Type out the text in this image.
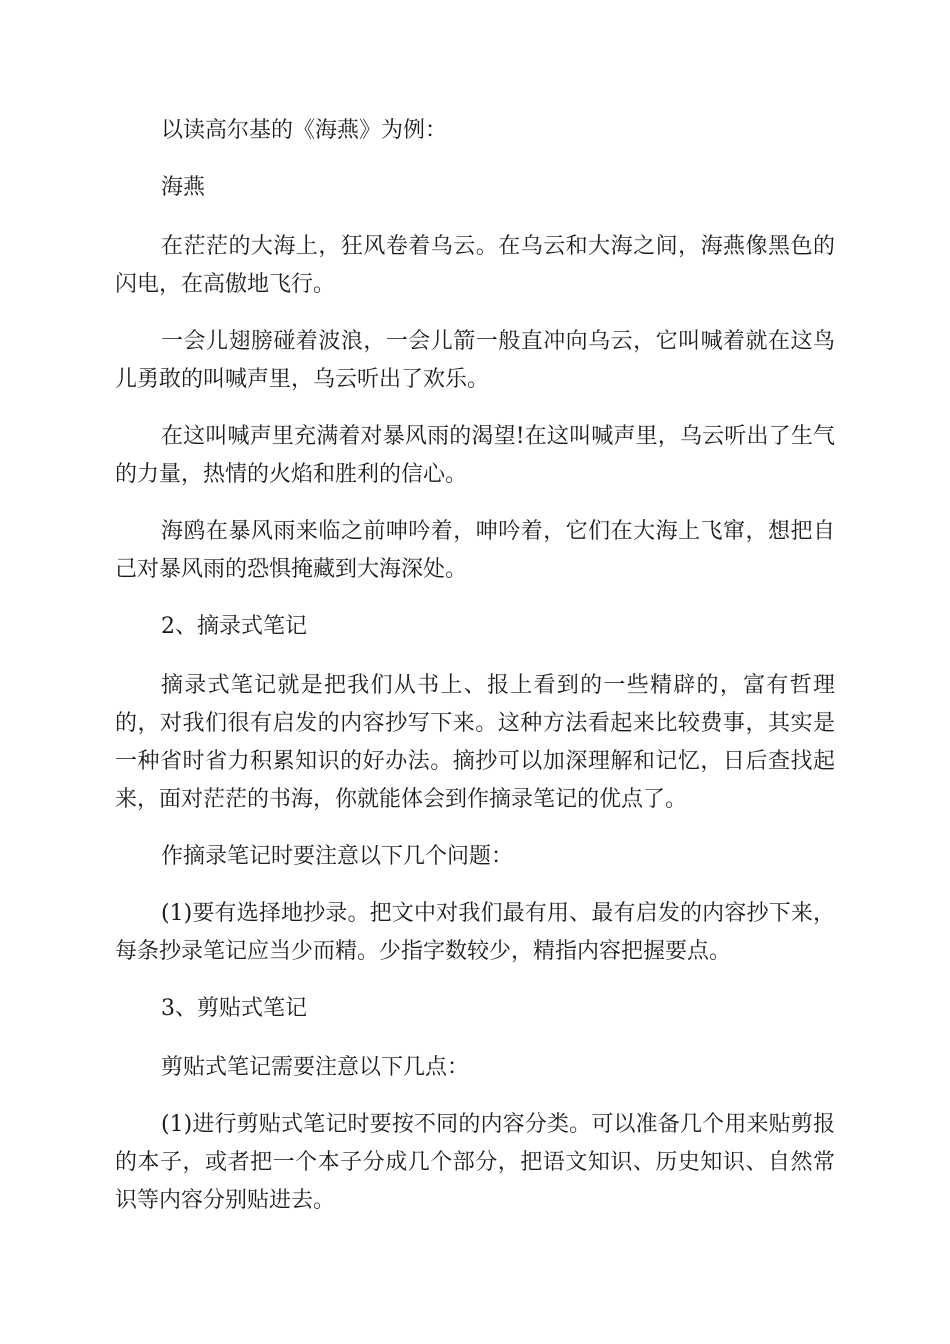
以读高尔基的《海燕》为例：

海燕

在茫茫的大海上，狂风卷着乌云。在乌云和大海之间，海燕像黑色的闪电，在高傲地飞行。

一会儿翅膀碰着波浪，一会儿箭一般直冲向乌云，它叫喊着就在这鸟儿勇敢的叫喊声里，乌云听出了欢乐。

在这叫喊声里充满着对暴风雨的渴望!在这叫喊声里，乌云听出了生气的力量，热情的火焰和胜利的信心。

海鸥在暴风雨来临之前呻吟着，呻吟着，它们在大海上飞窜，想把自己对暴风雨的恐惧掩藏到大海深处。

2、摘录式笔记

摘录式笔记就是把我们从书上、报上看到的一些精辟的，富有哲理的，对我们很有启发的内容抄写下来。这种方法看起来比较费事，其实是一种省时省力积累知识的好办法。摘抄可以加深理解和记忆，日后查找起来，面对茫茫的书海，你就能体会到作摘录笔记的优点了。

作摘录笔记时要注意以下几个问题：

(1)要有选择地抄录。把文中对我们最有用、最有启发的内容抄下来，每条抄录笔记应当少而精。少指字数较少，精指内容把握要点。

3、剪贴式笔记

剪贴式笔记需要注意以下几点：

(1)进行剪贴式笔记时要按不同的内容分类。可以准备几个用来贴剪报的本子，或者把一个本子分成几个部分，把语文知识、历史知识、自然常识等内容分别贴进去。
